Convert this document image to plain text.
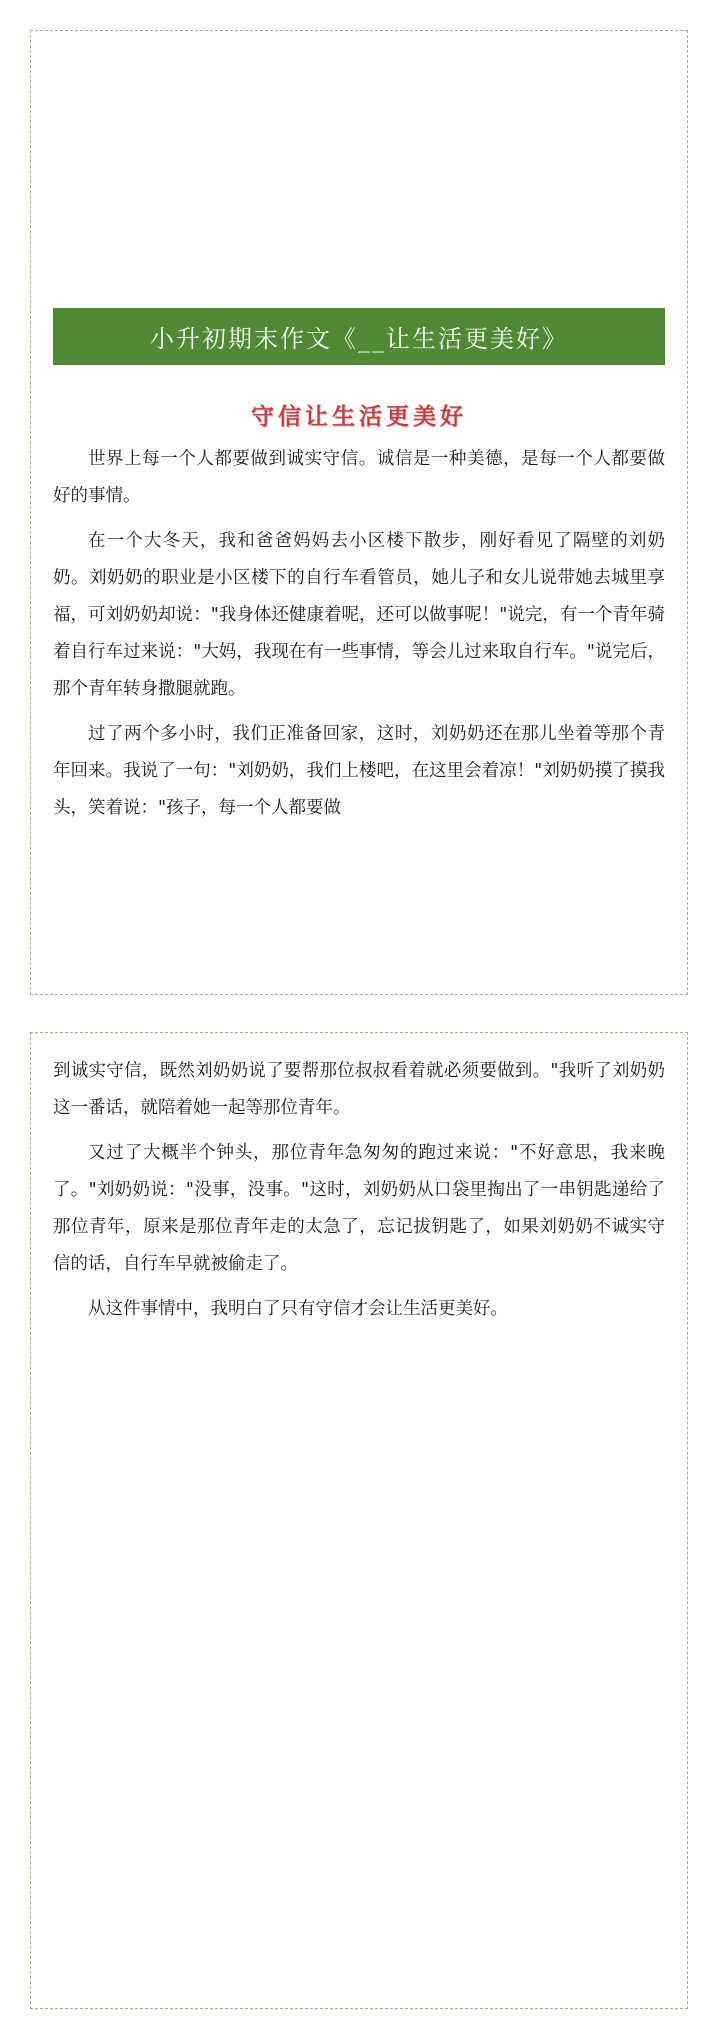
小升初期末作文《__让生活更美好》
守信让生活更美好

世界上每一个人都要做到诚实守信。诚信是一种美德，是每一个人都要做好的事情。

在一个大冬天，我和爸爸妈妈去小区楼下散步，刚好看见了隔壁的刘奶奶。刘奶奶的职业是小区楼下的自行车看管员，她儿子和女儿说带她去城里享福，可刘奶奶却说："我身体还健康着呢，还可以做事呢！"说完，有一个青年骑着自行车过来说："大妈，我现在有一些事情，等会儿过来取自行车。"说完后，那个青年转身撒腿就跑。

过了两个多小时，我们正准备回家，这时，刘奶奶还在那儿坐着等那个青年回来。我说了一句："刘奶奶，我们上楼吧，在这里会着凉！"刘奶奶摸了摸我头，笑着说："孩子，每一个人都要做

到诚实守信，既然刘奶奶说了要帮那位叔叔看着就必须要做到。"我听了刘奶奶这一番话，就陪着她一起等那位青年。

又过了大概半个钟头，那位青年急匆匆的跑过来说："不好意思，我来晚了。"刘奶奶说："没事，没事。"这时，刘奶奶从口袋里掏出了一串钥匙递给了那位青年，原来是那位青年走的太急了，忘记拔钥匙了，如果刘奶奶不诚实守信的话，自行车早就被偷走了。

从这件事情中，我明白了只有守信才会让生活更美好。
